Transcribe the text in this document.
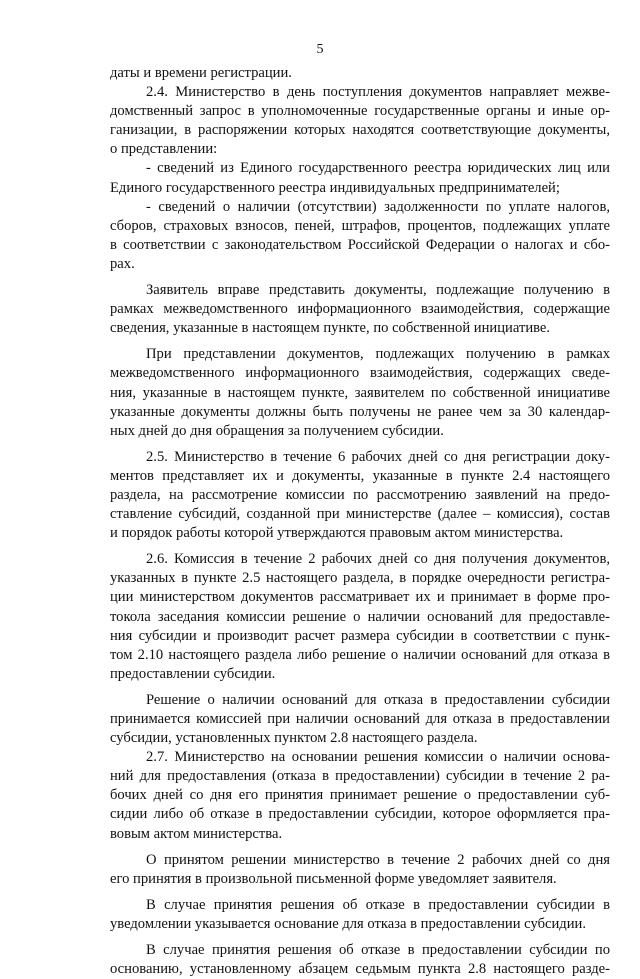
5
даты и времени регистрации.
2.4. Министерство в день поступления документов направляет межве-
домственный запрос в уполномоченные государственные органы и иные ор-
ганизации, в распоряжении которых находятся соответствующие документы,
о представлении:
- сведений из Единого государственного реестра юридических лиц или
Единого государственного реестра индивидуальных предпринимателей;
- сведений о наличии (отсутствии) задолженности по уплате налогов,
сборов, страховых взносов, пеней, штрафов, процентов, подлежащих уплате
в соответствии с законодательством Российской Федерации о налогах и сбо-
рах.
Заявитель вправе представить документы, подлежащие получению в
рамках межведомственного информационного взаимодействия, содержащие
сведения, указанные в настоящем пункте, по собственной инициативе.
При представлении документов, подлежащих получению в рамках
межведомственного информационного взаимодействия, содержащих сведе-
ния, указанные в настоящем пункте, заявителем по собственной инициативе
указанные документы должны быть получены не ранее чем за 30 календар-
ных дней до дня обращения за получением субсидии.
2.5. Министерство в течение 6 рабочих дней со дня регистрации доку-
ментов представляет их и документы, указанные в пункте 2.4 настоящего
раздела, на рассмотрение комиссии по рассмотрению заявлений на предо-
ставление субсидий, созданной при министерстве (далее – комиссия), состав
и порядок работы которой утверждаются правовым актом министерства.
2.6. Комиссия в течение 2 рабочих дней со дня получения документов,
указанных в пункте 2.5 настоящего раздела, в порядке очередности регистра-
ции министерством документов рассматривает их и принимает в форме про-
токола заседания комиссии решение о наличии оснований для предоставле-
ния субсидии и производит расчет размера субсидии в соответствии с пунк-
том 2.10 настоящего раздела либо решение о наличии оснований для отказа в
предоставлении субсидии.
Решение о наличии оснований для отказа в предоставлении субсидии
принимается комиссией при наличии оснований для отказа в предоставлении
субсидии, установленных пунктом 2.8 настоящего раздела.
2.7. Министерство на основании решения комиссии о наличии основа-
ний для предоставления (отказа в предоставлении) субсидии в течение 2 ра-
бочих дней со дня его принятия принимает решение о предоставлении суб-
сидии либо об отказе в предоставлении субсидии, которое оформляется пра-
вовым актом министерства.
О принятом решении министерство в течение 2 рабочих дней со дня
его принятия в произвольной письменной форме уведомляет заявителя.
В случае принятия решения об отказе в предоставлении субсидии в
уведомлении указывается основание для отказа в предоставлении субсидии.
В случае принятия решения об отказе в предоставлении субсидии по
основанию, установленному абзацем седьмым пункта 2.8 настоящего разде-
